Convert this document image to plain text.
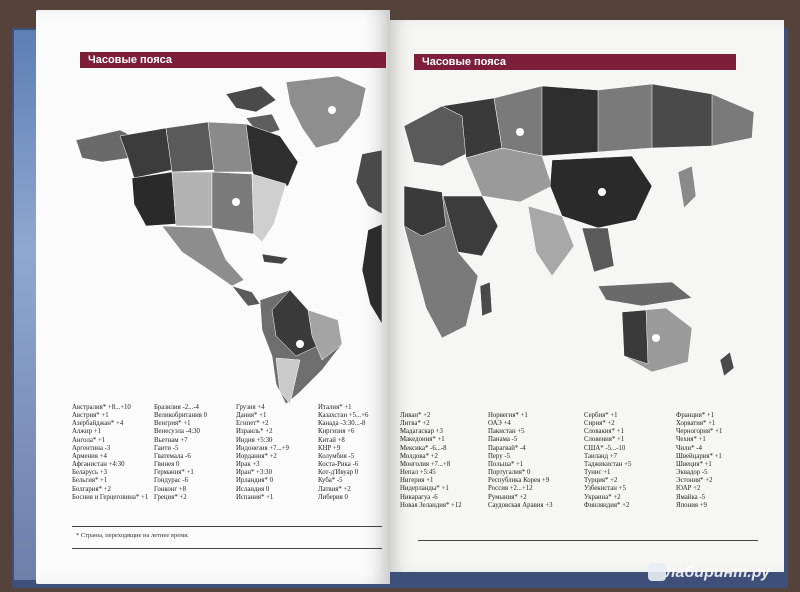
Часовые пояса
Австралия* +8...+10
Австрия* +1
Азербайджан* +4
Алжир +1
Ангола* +1
Аргентина -3
Армения +4
Афганистан +4:30
Беларусь +3
Бельгия* +1
Болгария* +2
Босния и Герцеговина* +1
Бразилия -2...-4
Великобритания 0
Венгрия* +1
Венесуэла -4:30
Вьетнам +7
Гаити -5
Гватемала -6
Гвинея 0
Германия* +1
Гондурас -6
Гонконг +8
Греция* +2
Грузия +4
Дания* +1
Египет* +2
Израиль* +2
Индия +5:30
Индонезия +7...+9
Иордания* +2
Ирак +3
Иран* +3:30
Ирландия* 0
Исландия 0
Испания* +1
Италия* +1
Казахстан +5...+6
Канада -3:30...-8
Киргизия +6
Китай +8
КНР +9
Колумбия -5
Коста-Рика -6
Кот-д'Ивуар 0
Куба* -5
Латвия* +2
Либерия 0
* Страны, переходящие на летнее время.
Часовые пояса
Ливан* +2
Литва* +2
Мадагаскар +3
Македония* +1
Мексика* -6...-8
Молдова* +2
Монголия +7...+8
Непал +5:45
Нигерия +1
Нидерланды* +1
Никарагуа -6
Новая Зеландия* +12
Норвегия* +1
ОАЭ +4
Пакистан +5
Панама -5
Парагвай* -4
Перу -5
Польша* +1
Португалия* 0
Республика Корея +9
Россия +2...+12
Румыния* +2
Саудовская Аравия +3
Сербия* +1
Сирия* +2
Словакия* +1
Словения* +1
США* -5...-10
Таиланд +7
Таджикистан +5
Тунис +1
Турция* +2
Узбекистан +5
Украина* +2
Финляндия* +2
Франция* +1
Хорватия* +1
Черногория* +1
Чехия* +1
Чили* -4
Швейцария* +1
Швеция* +1
Эквадор -5
Эстония* +2
ЮАР +2
Ямайка -5
Япония +9
лабиринт.ру
